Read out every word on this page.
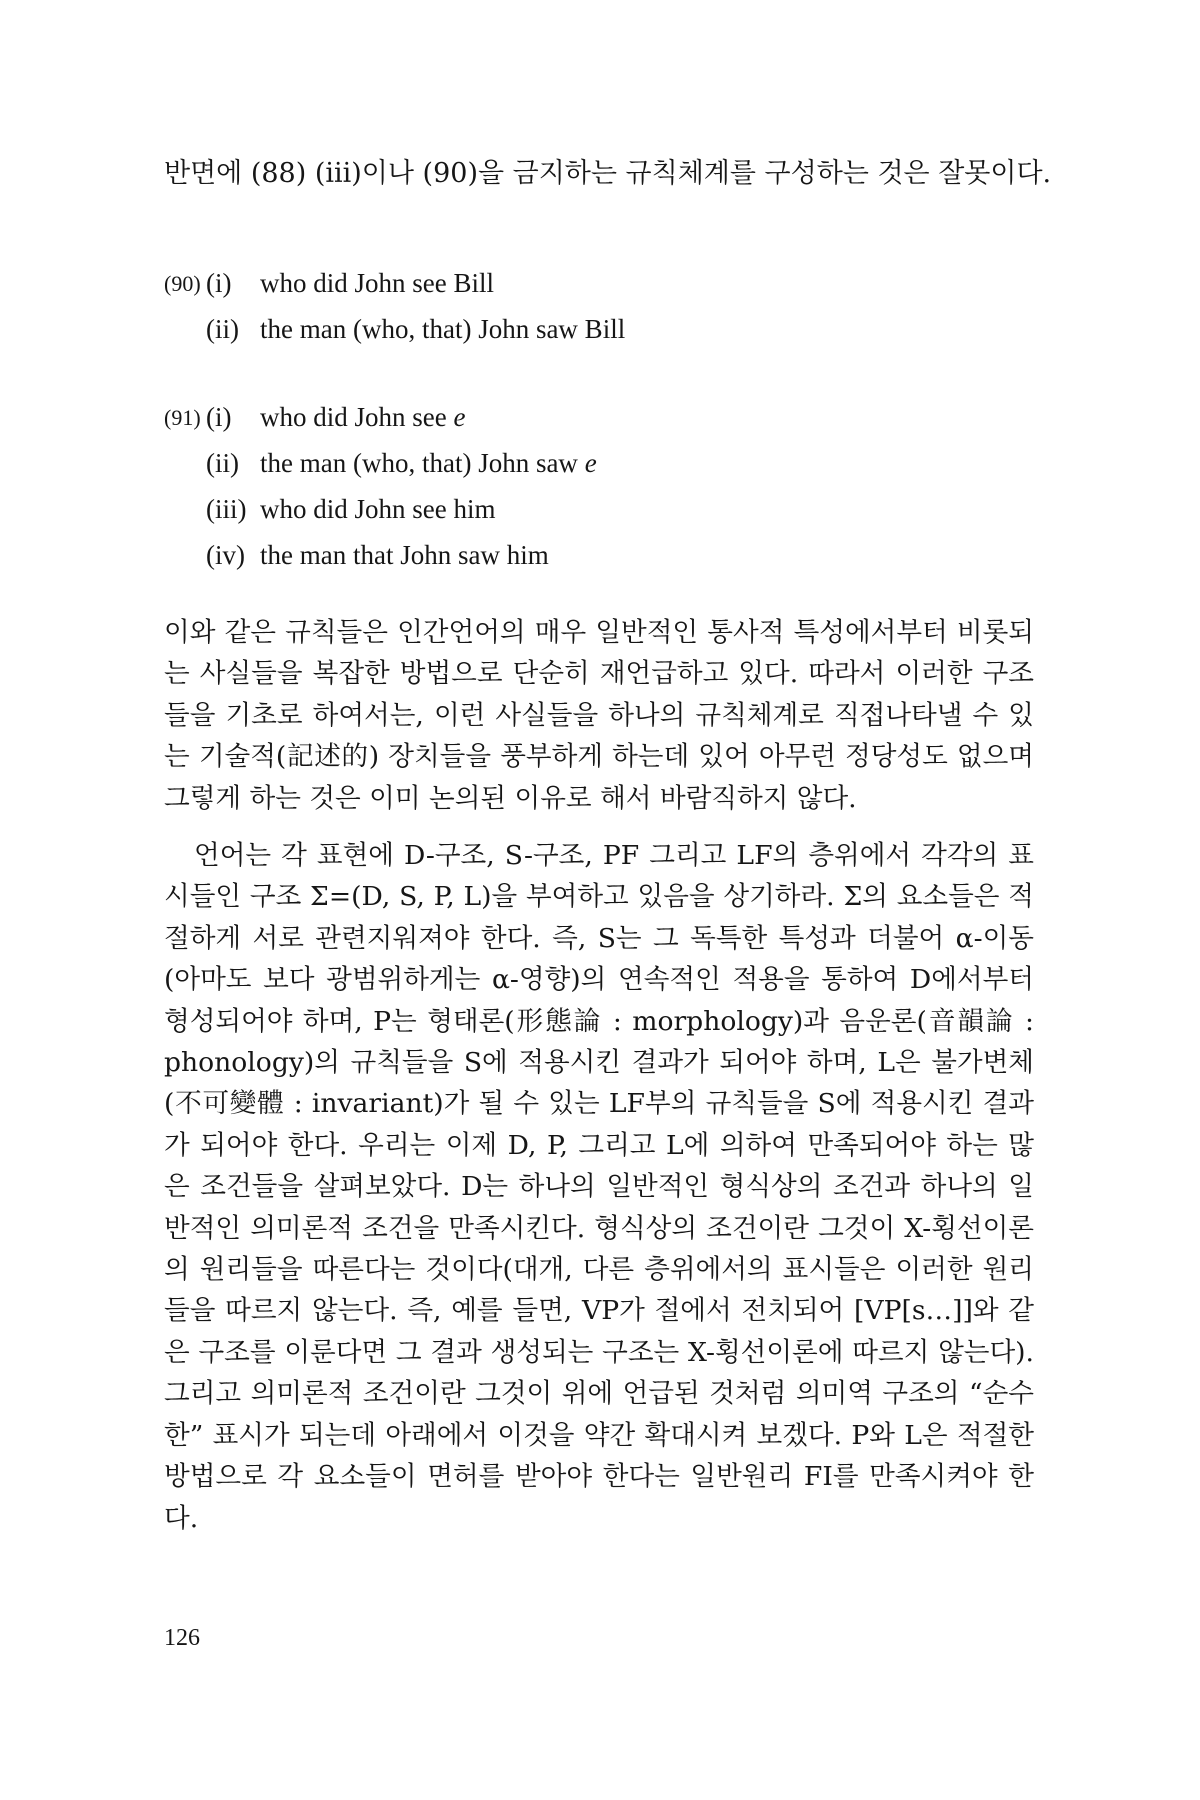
반면에 (88) (iii)이나 (90)을 금지하는 규칙체계를 구성하는 것은 잘못이다.
(90) (i) who did John see Bill
(ii) the man (who, that) John saw Bill
(91) (i) who did John see e
(ii) the man (who, that) John saw e
(iii) who did John see him
(iv) the man that John saw him

이와 같은 규칙들은 인간언어의 매우 일반적인 통사적 특성에서부터 비롯되는 사실들을 복잡한 방법으로 단순히 재언급하고 있다. 따라서 이러한 구조들을 기초로 하여서는, 이런 사실들을 하나의 규칙체계로 직접나타낼 수 있는 기술적(記述的) 장치들을 풍부하게 하는데 있어 아무런 정당성도 없으며 그렇게 하는 것은 이미 논의된 이유로 해서 바람직하지 않다.

언어는 각 표현에 D-구조, S-구조, PF 그리고 LF의 층위에서 각각의 표시들인 구조 Σ=(D, S, P, L)을 부여하고 있음을 상기하라. Σ의 요소들은 적절하게 서로 관련지워져야 한다. 즉, S는 그 독특한 특성과 더불어 α-이동(아마도 보다 광범위하게는 α-영향)의 연속적인 적용을 통하여 D에서부터 형성되어야 하며, P는 형태론(形態論 : morphology)과 음운론(音韻論 : phonology)의 규칙들을 S에 적용시킨 결과가 되어야 하며, L은 불가변체(不可變體 : invariant)가 될 수 있는 LF부의 규칙들을 S에 적용시킨 결과가 되어야 한다. 우리는 이제 D, P, 그리고 L에 의하여 만족되어야 하는 많은 조건들을 살펴보았다. D는 하나의 일반적인 형식상의 조건과 하나의 일반적인 의미론적 조건을 만족시킨다. 형식상의 조건이란 그것이 X-횡선이론의 원리들을 따른다는 것이다(대개, 다른 층위에서의 표시들은 이러한 원리들을 따르지 않는다. 즉, 예를 들면, VP가 절에서 전치되어 [VP[s…]]와 같은 구조를 이룬다면 그 결과 생성되는 구조는 X-횡선이론에 따르지 않는다). 그리고 의미론적 조건이란 그것이 위에 언급된 것처럼 의미역 구조의 “순수한” 표시가 되는데 아래에서 이것을 약간 확대시켜 보겠다. P와 L은 적절한 방법으로 각 요소들이 면허를 받아야 한다는 일반원리 FI를 만족시켜야 한다.

126
